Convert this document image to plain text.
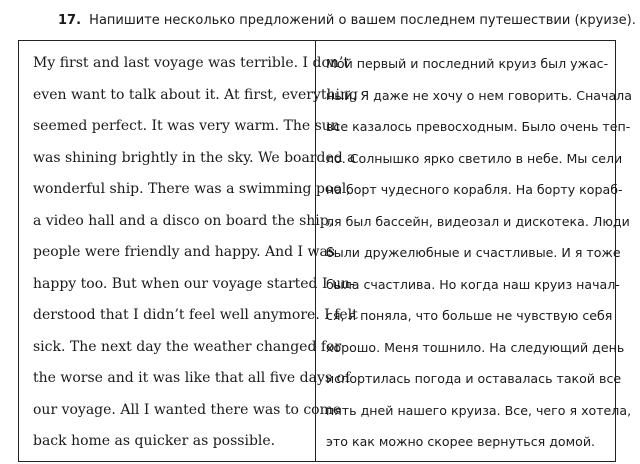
17. Напишите несколько предложений о вашем последнем путешествии (круизе).
My first and last voyage was terrible. I don’t
even want to talk about it. At first, everything
seemed perfect. It was very warm. The sun
was shining brightly in the sky. We boarded a
wonderful ship. There was a swimming pool,
a video hall and a disco on board the ship,
people were friendly and happy. And I was
happy too. But when our voyage started I un-
derstood that I didn’t feel well anymore. I felt
sick. The next day the weather changed for
the worse and it was like that all five days of
our voyage. All I wanted there was to come
back home as quicker as possible.
Мой первый и последний круиз был ужас-
ный. Я даже не хочу о нем говорить. Сначала
все казалось превосходным. Было очень теп-
ло. Солнышко ярко светило в небе. Мы сели
на борт чудесного корабля. На борту кораб-
ля был бассейн, видеозал и дискотека. Люди
были дружелюбные и счастливые. И я тоже
была счастлива. Но когда наш круиз начал-
ся, я поняла, что больше не чувствую себя
хорошо. Меня тошнило. На следующий день
испортилась погода и оставалась такой все
пять дней нашего круиза. Все, чего я хотела,
это как можно скорее вернуться домой.
